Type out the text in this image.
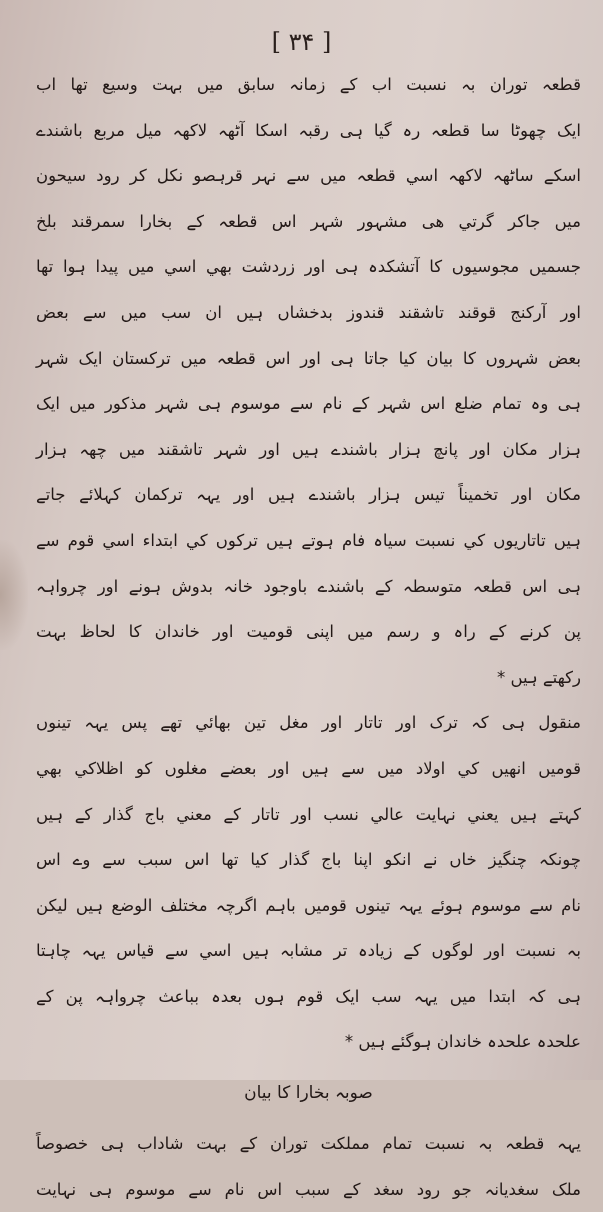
[ ۳۴ ]
قطعہ توران بہ نسبت اب کے زمانہ سابق میں بہت وسیع تھا اب
ایک چھوٹا سا قطعہ رہ گیا ہی رقبہ اسکا آٹھہ لاکھہ میل مربع باشندے
اسکے ساٹھہ لاکھہ اسي قطعہ میں سے نہر قرہصو نکل کر رود سیحون
میں جاکر گرتي ھی مشہور شہر اس قطعہ کے بخارا سمرقند بلخ
جسمیں مجوسیوں کا آتشکدہ ہی اور زردشت بھي اسي میں پیدا ہوا تھا
اور آرکنج قوقند تاشقند قندوز بدخشاں ہیں ان سب میں سے بعض
بعض شہروں کا بیان کیا جاتا ہی اور اس قطعہ میں ترکستان ایک شہر
ہی وہ تمام ضلع اس شہر کے نام سے موسوم ہی شہر مذکور میں ایک
ہزار مکان اور پانچ ہزار باشندے ہیں اور شہر تاشقند میں چھہ ہزار
مکان اور تخمیناً تیس ہزار باشندے ہیں اور یہہ ترکمان کہلائے جاتے
ہیں تاتاریوں کي نسبت سیاہ فام ہوتے ہیں ترکوں کي ابتداء اسي قوم سے
ہی اس قطعہ متوسطہ کے باشندے باوجود خانہ بدوش ہونے اور چرواہہ
پن کرنے کے راہ و رسم میں اپنی قومیت اور خاندان کا لحاظ بہت
رکھتے ہیں *
منقول ہی کہ ترک اور تاتار اور مغل تین بھائي تھے پس یہہ تینوں
قومیں انھیں کي اولاد میں سے ہیں اور بعضے مغلوں کو اظلاکي بھي
کہتے ہیں یعني نہایت عالي نسب اور تاتار کے معني باج گذار کے ہیں
چونکہ چنگیز خاں نے انکو اپنا باج گذار کیا تھا اس سبب سے وے اس
نام سے موسوم ہوئے یہہ تینوں قومیں باہم اگرچہ مختلف الوضع ہیں لیکن
بہ نسبت اور لوگوں کے زیادہ تر مشابہ ہیں اسي سے قیاس یہہ چاہتا
ہی کہ ابتدا میں یہہ سب ایک قوم ہوں بعدہ بباعث چرواہہ پن کے
علحدہ علحدہ خاندان ہوگئے ہیں *
صوبہ بخارا کا بیان
یہہ قطعہ بہ نسبت تمام مملکت توران کے بہت شاداب ہی خصوصاً
ملک سغدیانہ جو رود سغد کے سبب اس نام سے موسوم ہی نہایت
